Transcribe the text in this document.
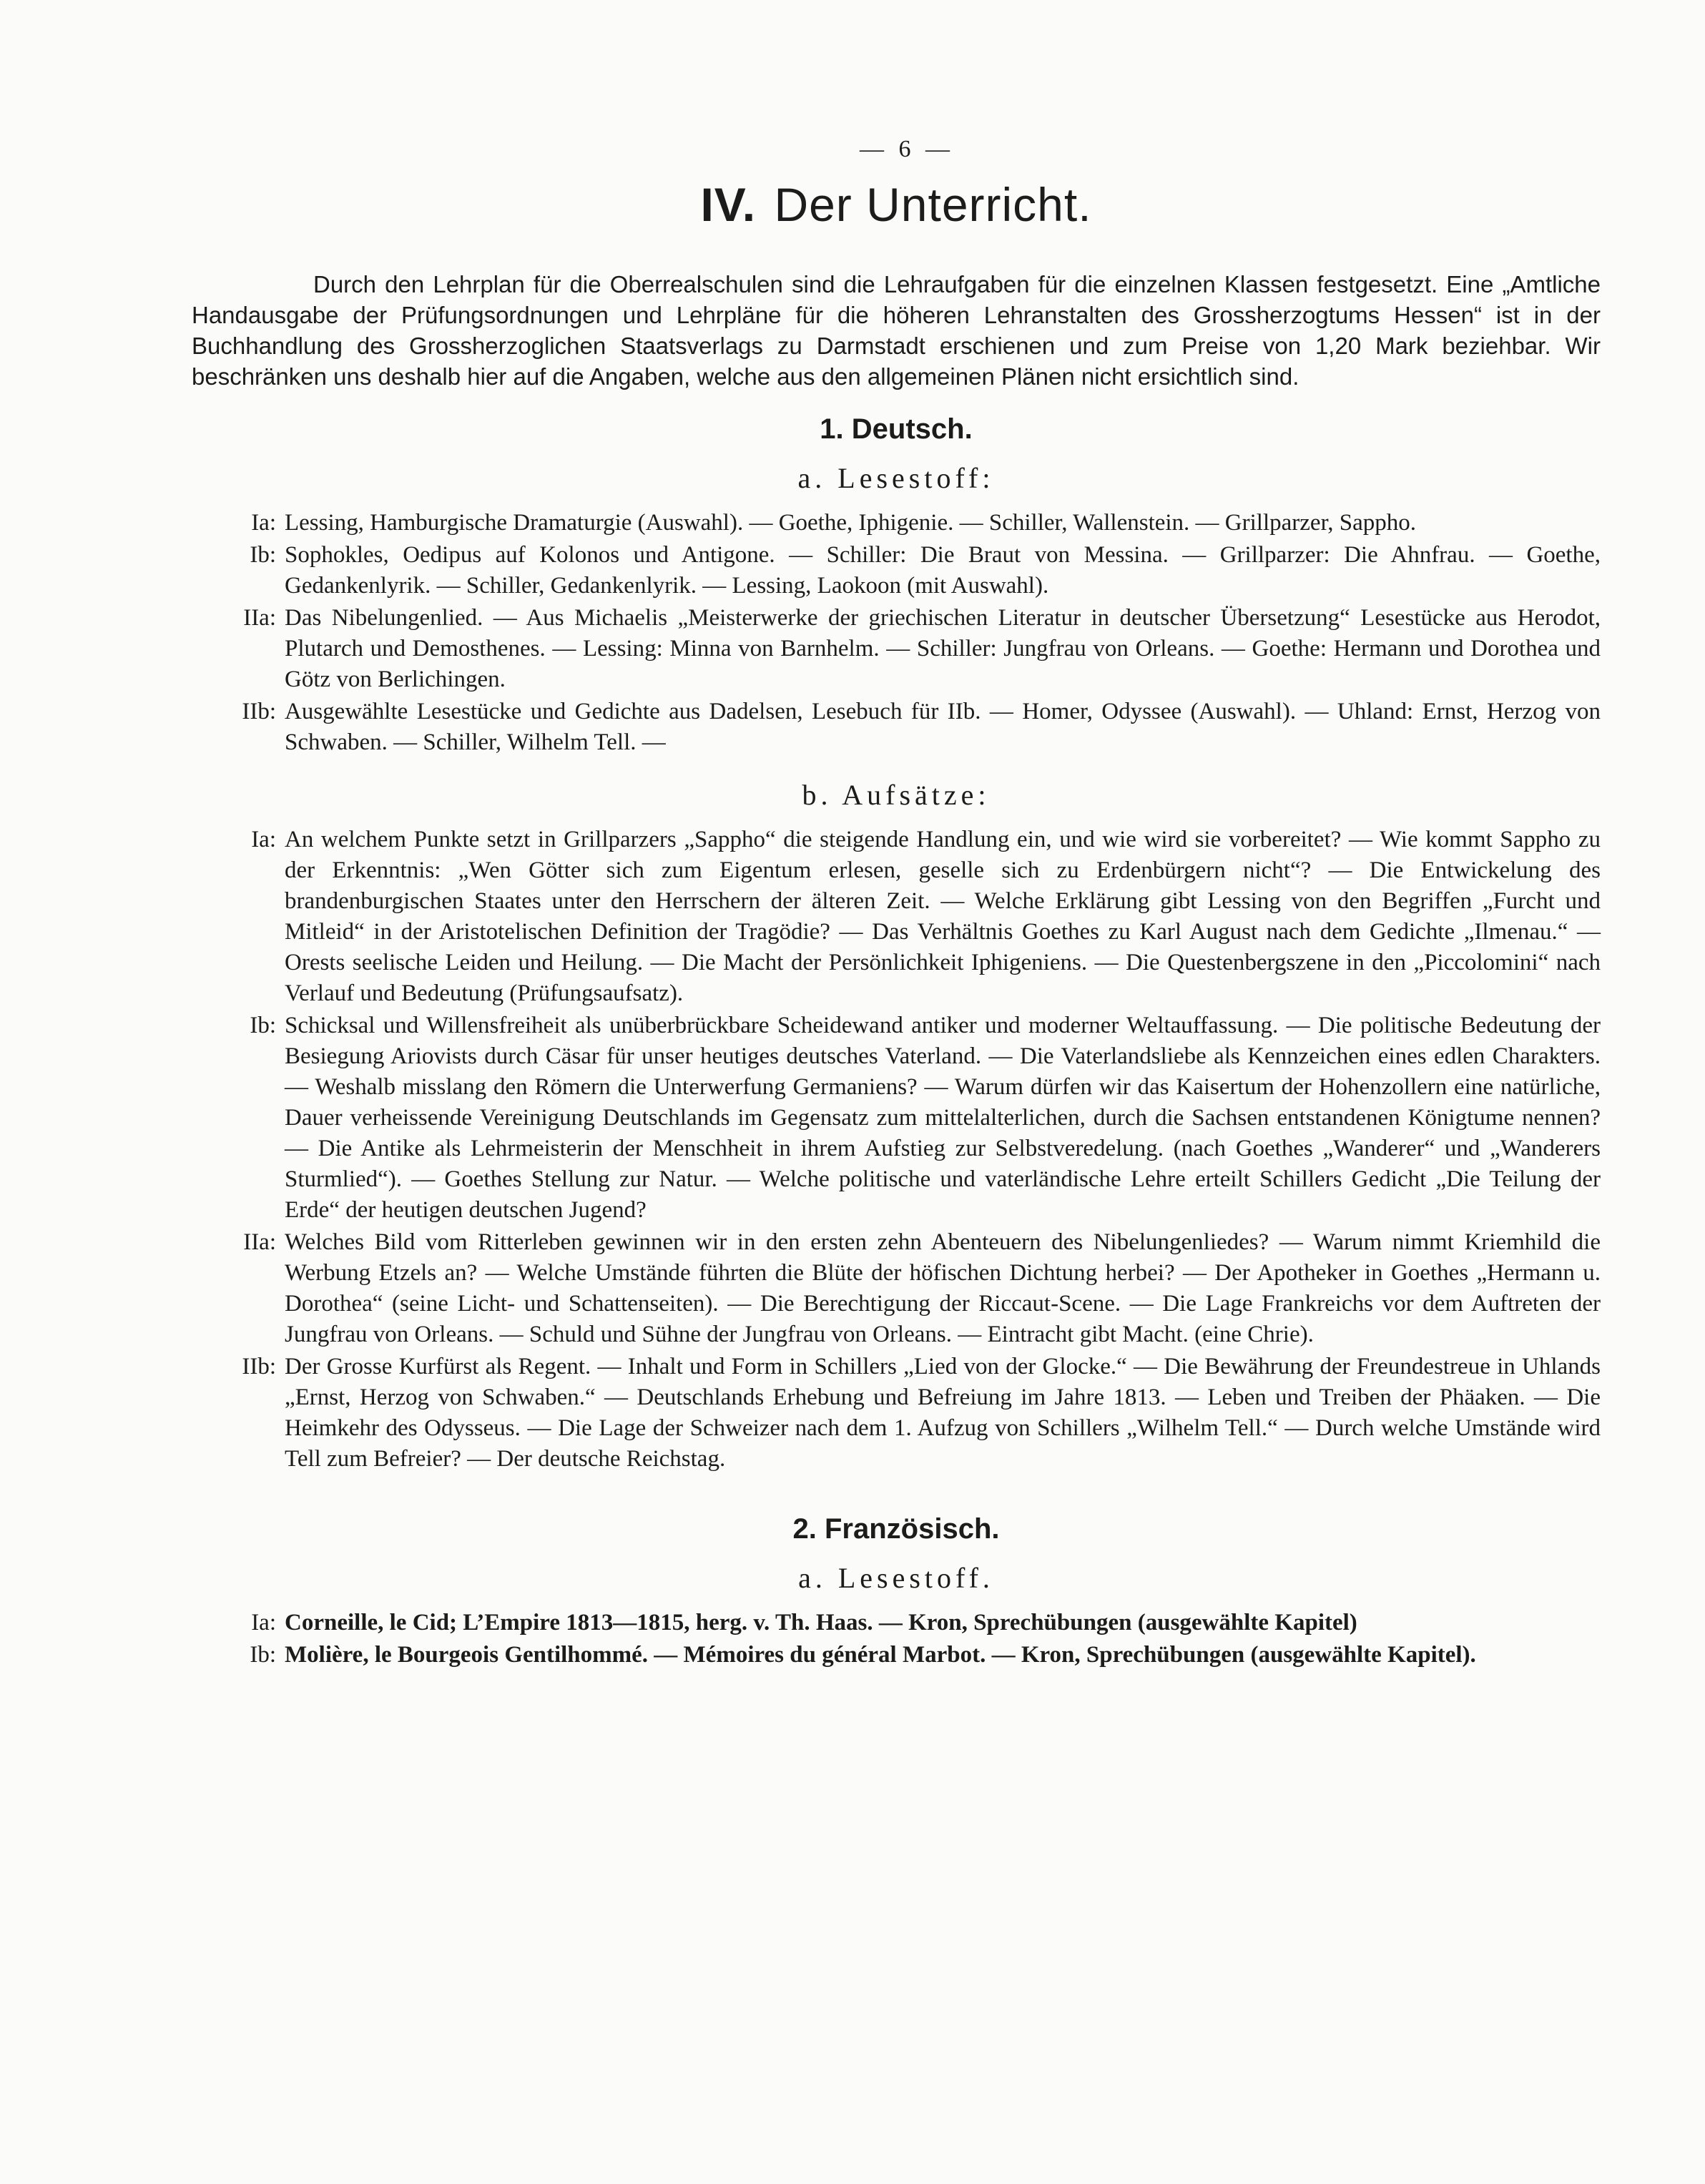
— 6 —
IV. Der Unterricht.

Durch den Lehrplan für die Oberrealschulen sind die Lehraufgaben für die einzelnen Klassen festgesetzt. Eine „Amtliche Handausgabe der Prüfungsordnungen und Lehrpläne für die höheren Lehranstalten des Grossherzogtums Hessen“ ist in der Buchhandlung des Grossherzoglichen Staatsverlags zu Darmstadt erschienen und zum Preise von 1,20 Mark beziehbar. Wir beschränken uns deshalb hier auf die Angaben, welche aus den allgemeinen Plänen nicht ersichtlich sind.

1. Deutsch.
a. Lesestoff:
Ia: Lessing, Hamburgische Dramaturgie (Auswahl). — Goethe, Iphigenie. — Schiller, Wallenstein. — Grillparzer, Sappho.
Ib: Sophokles, Oedipus auf Kolonos und Antigone. — Schiller: Die Braut von Messina. — Grillparzer: Die Ahnfrau. — Goethe, Gedankenlyrik. — Schiller, Gedankenlyrik. — Lessing, Laokoon (mit Auswahl).
IIa: Das Nibelungenlied. — Aus Michaelis „Meisterwerke der griechischen Literatur in deutscher Übersetzung“ Lesestücke aus Herodot, Plutarch und Demosthenes. — Lessing: Minna von Barnhelm. — Schiller: Jungfrau von Orleans. — Goethe: Hermann und Dorothea und Götz von Berlichingen.
IIb: Ausgewählte Lesestücke und Gedichte aus Dadelsen, Lesebuch für IIb. — Homer, Odyssee (Auswahl). — Uhland: Ernst, Herzog von Schwaben. — Schiller, Wilhelm Tell. —
b. Aufsätze:
Ia: An welchem Punkte setzt in Grillparzers „Sappho“ die steigende Handlung ein, und wie wird sie vorbereitet? — Wie kommt Sappho zu der Erkenntnis: „Wen Götter sich zum Eigentum erlesen, geselle sich zu Erdenbürgern nicht“? — Die Entwickelung des brandenburgischen Staates unter den Herrschern der älteren Zeit. — Welche Erklärung gibt Lessing von den Begriffen „Furcht und Mitleid“ in der Aristotelischen Definition der Tragödie? — Das Verhältnis Goethes zu Karl August nach dem Gedichte „Ilmenau.“ — Orests seelische Leiden und Heilung. — Die Macht der Persönlichkeit Iphigeniens. — Die Questenbergszene in den „Piccolomini“ nach Verlauf und Bedeutung (Prüfungsaufsatz).
Ib: Schicksal und Willensfreiheit als unüberbrückbare Scheidewand antiker und moderner Weltauffassung. — Die politische Bedeutung der Besiegung Ariovists durch Cäsar für unser heutiges deutsches Vaterland. — Die Vaterlandsliebe als Kennzeichen eines edlen Charakters. — Weshalb misslang den Römern die Unterwerfung Germaniens? — Warum dürfen wir das Kaisertum der Hohenzollern eine natürliche, Dauer verheissende Vereinigung Deutschlands im Gegensatz zum mittelalterlichen, durch die Sachsen entstandenen Königtume nennen? — Die Antike als Lehrmeisterin der Menschheit in ihrem Aufstieg zur Selbstveredelung. (nach Goethes „Wanderer“ und „Wanderers Sturmlied“). — Goethes Stellung zur Natur. — Welche politische und vaterländische Lehre erteilt Schillers Gedicht „Die Teilung der Erde“ der heutigen deutschen Jugend?
IIa: Welches Bild vom Ritterleben gewinnen wir in den ersten zehn Abenteuern des Nibelungenliedes? — Warum nimmt Kriemhild die Werbung Etzels an? — Welche Umstände führten die Blüte der höfischen Dichtung herbei? — Der Apotheker in Goethes „Hermann u. Dorothea“ (seine Licht- und Schattenseiten). — Die Berechtigung der Riccaut-Scene. — Die Lage Frankreichs vor dem Auftreten der Jungfrau von Orleans. — Schuld und Sühne der Jungfrau von Orleans. — Eintracht gibt Macht. (eine Chrie).
IIb: Der Grosse Kurfürst als Regent. — Inhalt und Form in Schillers „Lied von der Glocke.“ — Die Bewährung der Freundestreue in Uhlands „Ernst, Herzog von Schwaben.“ — Deutschlands Erhebung und Befreiung im Jahre 1813. — Leben und Treiben der Phäaken. — Die Heimkehr des Odysseus. — Die Lage der Schweizer nach dem 1. Aufzug von Schillers „Wilhelm Tell.“ — Durch welche Umstände wird Tell zum Befreier? — Der deutsche Reichstag.
2. Französisch.
a. Lesestoff.
Ia: Corneille, le Cid; L’Empire 1813—1815, herg. v. Th. Haas. — Kron, Sprechübungen (ausgewählte Kapitel)
Ib: Molière, le Bourgeois Gentilhommé. — Mémoires du général Marbot. — Kron, Sprechübungen (ausgewählte Kapitel).
